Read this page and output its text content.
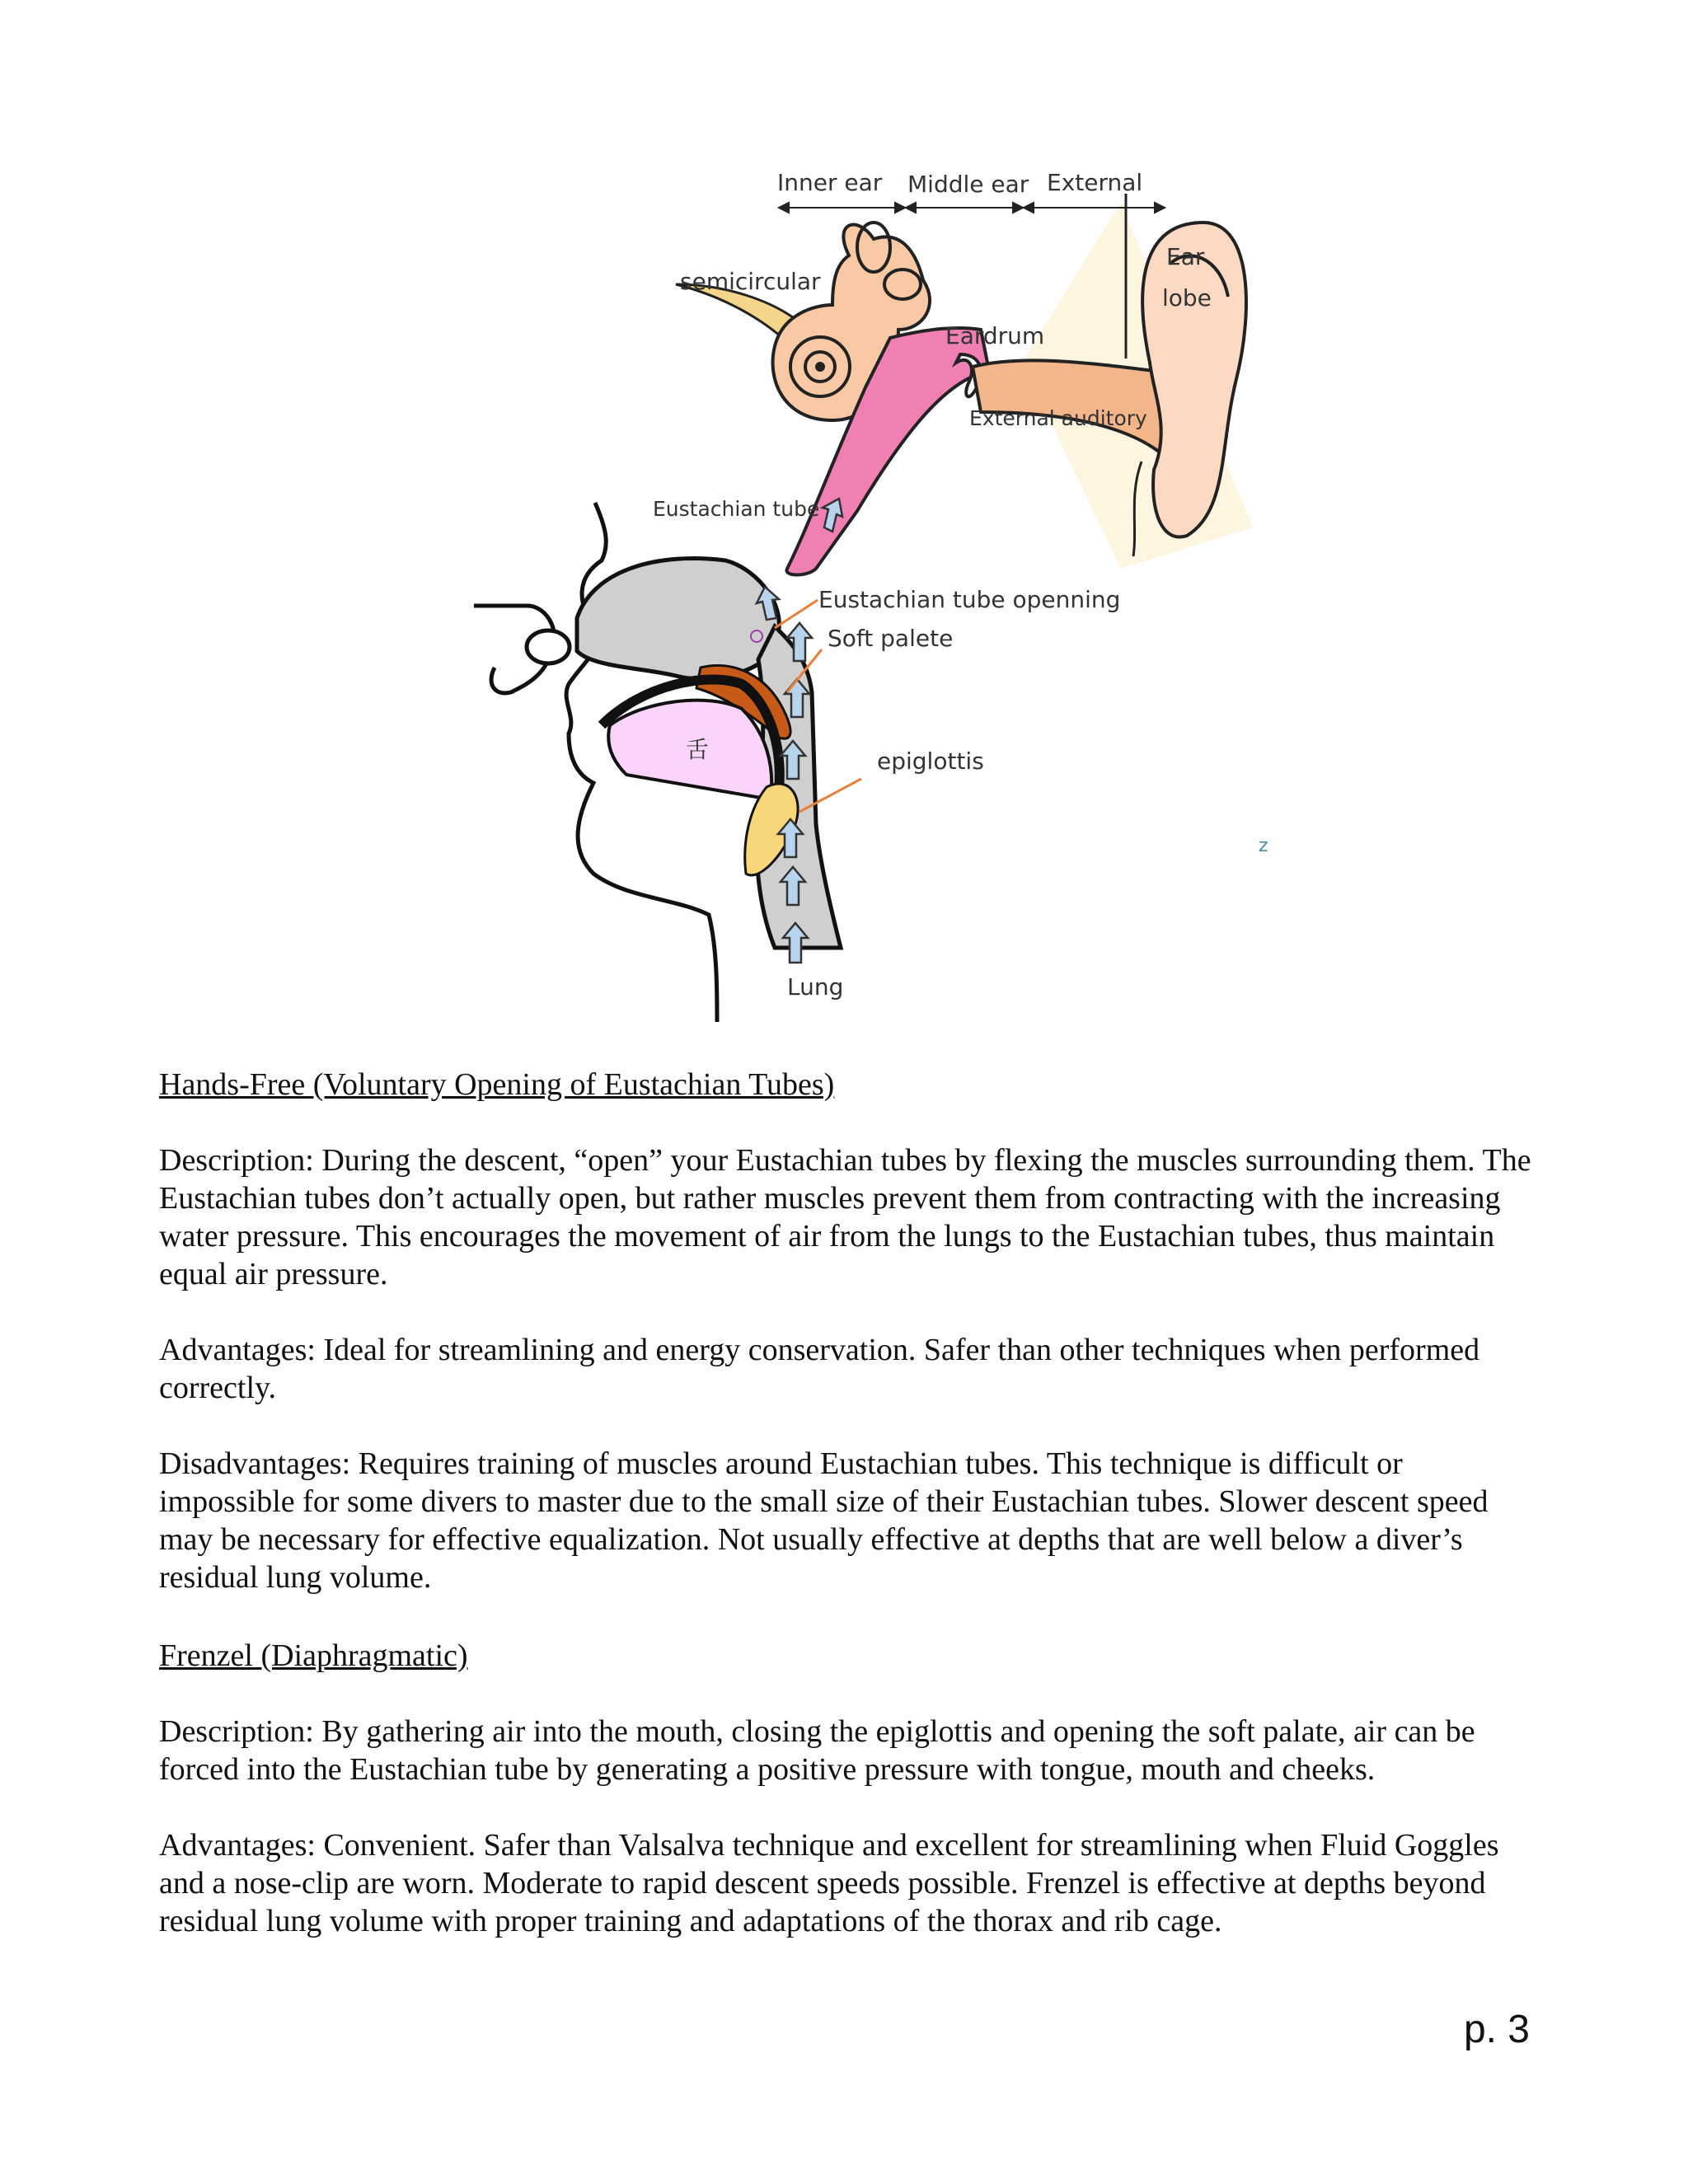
Inner ear Middle ear External
Ear
lobe
semicircular
Eardrum
External auditory
Eustachian tube
Eustachian tube openning
Soft palete
epiglottis
舌
Lung
z

Hands-Free (Voluntary Opening of Eustachian Tubes)

Description: During the descent, “open” your Eustachian tubes by flexing the muscles surrounding them. The Eustachian tubes don’t actually open, but rather muscles prevent them from contracting with the increasing water pressure. This encourages the movement of air from the lungs to the Eustachian tubes, thus maintain equal air pressure.

Advantages: Ideal for streamlining and energy conservation. Safer than other techniques when performed correctly.

Disadvantages: Requires training of muscles around Eustachian tubes. This technique is difficult or impossible for some divers to master due to the small size of their Eustachian tubes. Slower descent speed may be necessary for effective equalization. Not usually effective at depths that are well below a diver’s residual lung volume.

Frenzel (Diaphragmatic)

Description: By gathering air into the mouth, closing the epiglottis and opening the soft palate, air can be forced into the Eustachian tube by generating a positive pressure with tongue, mouth and cheeks.

Advantages: Convenient. Safer than Valsalva technique and excellent for streamlining when Fluid Goggles and a nose-clip are worn. Moderate to rapid descent speeds possible. Frenzel is effective at depths beyond residual lung volume with proper training and adaptations of the thorax and rib cage.

p. 3
